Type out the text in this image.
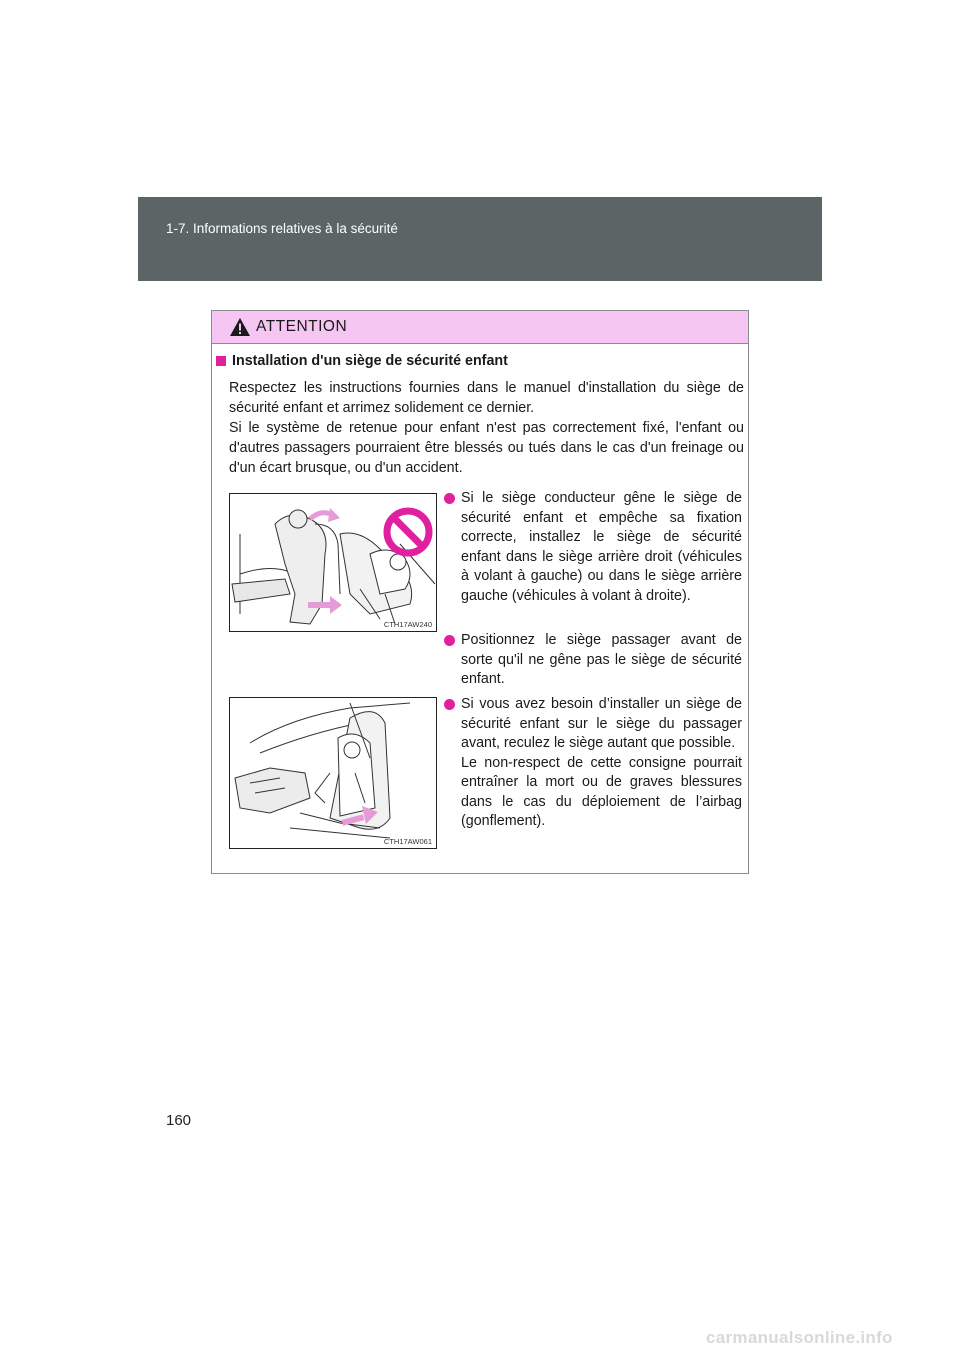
1-7. Informations relatives à la sécurité
ATTENTION
Installation d'un siège de sécurité enfant
Respectez les instructions fournies dans le manuel d'installation du siège de sécurité enfant et arrimez solidement ce dernier.
Si le système de retenue pour enfant n'est pas correctement fixé, l'enfant ou d'autres passagers pourraient être blessés ou tués dans le cas d'un freinage ou d'un écart brusque, ou d'un accident.
CTH17AW240
CTH17AW061
Si le siège conducteur gêne le siège de sécurité enfant et empêche sa fixation correcte, installez le siège de sécurité enfant dans le siège arrière droit (véhicules à volant à gauche) ou dans le siège arrière gauche (véhicules à volant à droite).
Positionnez le siège passager avant de sorte qu'il ne gêne pas le siège de sécurité enfant.
Si vous avez besoin d’installer un siège de sécurité enfant sur le siège du passager avant, reculez le siège autant que possible.
Le non-respect de cette consigne pourrait entraîner la mort ou de graves blessures dans le cas du déploiement de l’airbag (gonflement).
160
carmanualsonline.info
